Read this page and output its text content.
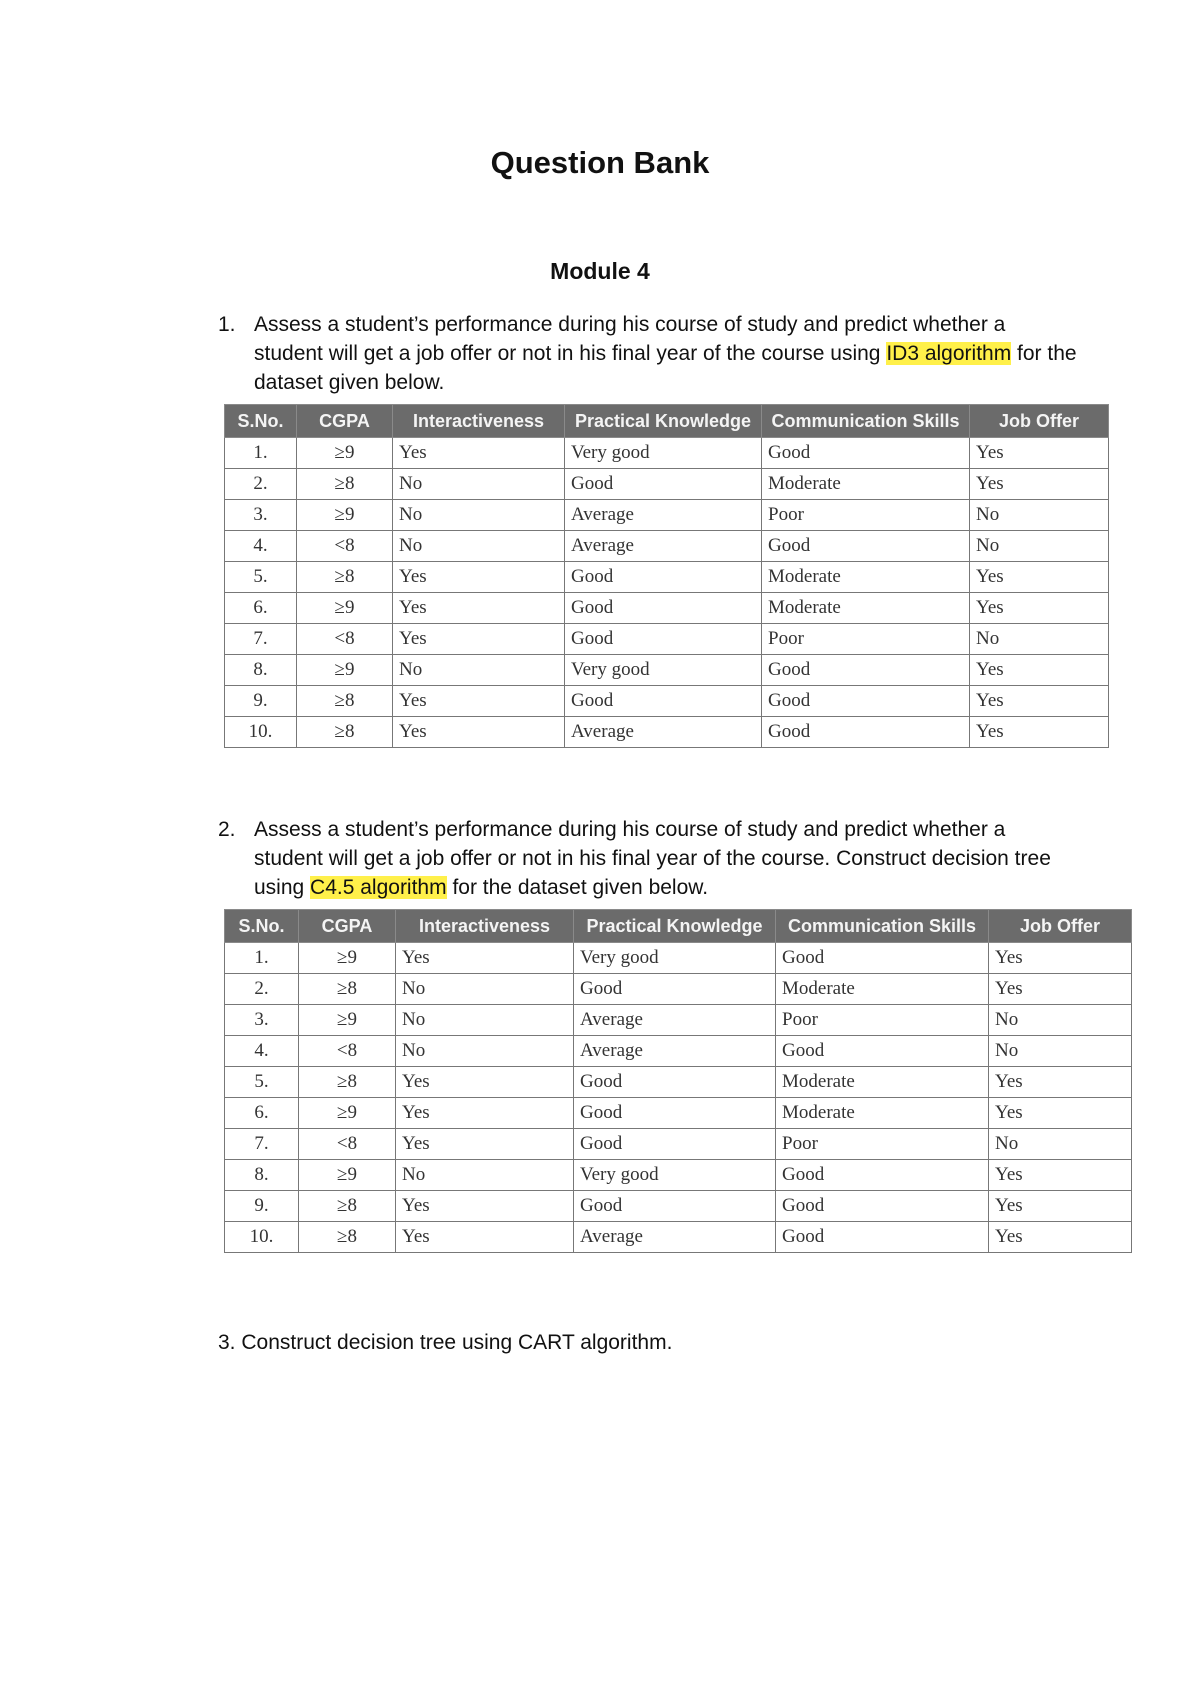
Question Bank
Module 4
1. Assess a student’s performance during his course of study and predict whether a student will get a job offer or not in his final year of the course using ID3 algorithm for the dataset given below.
S.No.	CGPA	Interactiveness	Practical Knowledge	Communication Skills	Job Offer
1.	≥9	Yes	Very good	Good	Yes
2.	≥8	No	Good	Moderate	Yes
3.	≥9	No	Average	Poor	No
4.	<8	No	Average	Good	No
5.	≥8	Yes	Good	Moderate	Yes
6.	≥9	Yes	Good	Moderate	Yes
7.	<8	Yes	Good	Poor	No
8.	≥9	No	Very good	Good	Yes
9.	≥8	Yes	Good	Good	Yes
10.	≥8	Yes	Average	Good	Yes
2. Assess a student’s performance during his course of study and predict whether a student will get a job offer or not in his final year of the course. Construct decision tree using C4.5 algorithm for the dataset given below.
S.No.	CGPA	Interactiveness	Practical Knowledge	Communication Skills	Job Offer
1.	≥9	Yes	Very good	Good	Yes
2.	≥8	No	Good	Moderate	Yes
3.	≥9	No	Average	Poor	No
4.	<8	No	Average	Good	No
5.	≥8	Yes	Good	Moderate	Yes
6.	≥9	Yes	Good	Moderate	Yes
7.	<8	Yes	Good	Poor	No
8.	≥9	No	Very good	Good	Yes
9.	≥8	Yes	Good	Good	Yes
10.	≥8	Yes	Average	Good	Yes
3. Construct decision tree using CART algorithm.
